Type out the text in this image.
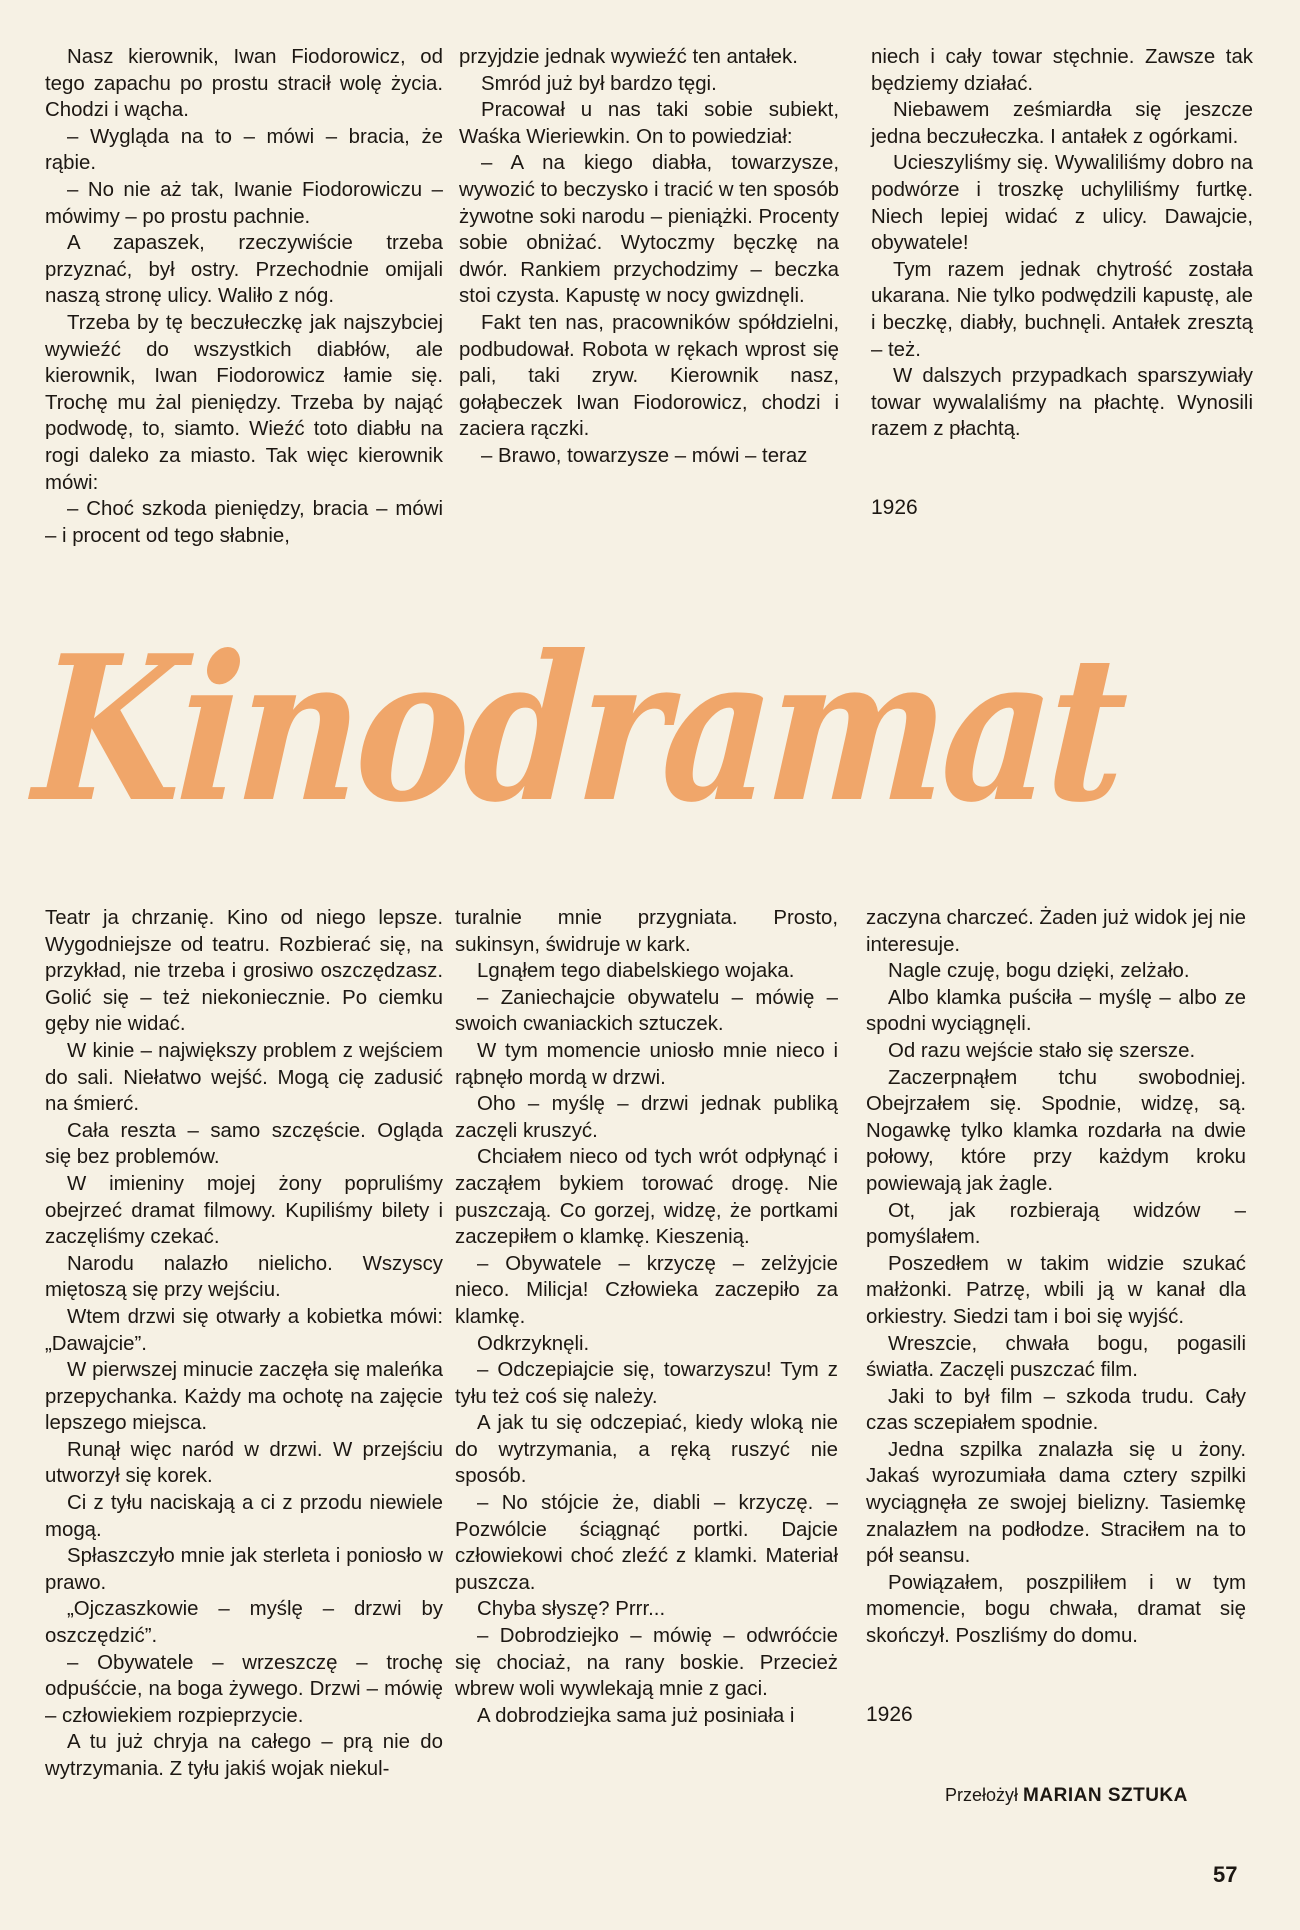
Nasz kierownik, Iwan Fiodorowicz, od tego zapachu po prostu stracił wolę życia. Chodzi i wącha.

– Wygląda na to – mówi – bracia, że rąbie.

– No nie aż tak, Iwanie Fiodorowiczu – mówimy – po prostu pachnie.

A zapaszek, rzeczywiście trzeba przyznać, był ostry. Przechodnie omijali naszą stronę ulicy. Waliło z nóg.

Trzeba by tę beczułeczkę jak najszybciej wywieźć do wszystkich diabłów, ale kierownik, Iwan Fiodorowicz łamie się. Trochę mu żal pieniędzy. Trzeba by nająć podwodę, to, siamto. Wieźć toto diabłu na rogi daleko za miasto. Tak więc kierownik mówi:

– Choć szkoda pieniędzy, bracia – mówi – i procent od tego słabnie,

przyjdzie jednak wywieźć ten antałek.

Smród już był bardzo tęgi.

Pracował u nas taki sobie subiekt, Waśka Wieriewkin. On to powiedział:

– A na kiego diabła, towarzysze, wywozić to beczysko i tracić w ten sposób żywotne soki narodu – pieniążki. Procenty sobie obniżać. Wytoczmy bęczkę na dwór. Rankiem przychodzimy – beczka stoi czysta. Kapustę w nocy gwizdnęli.

Fakt ten nas, pracowników spółdzielni, podbudował. Robota w rękach wprost się pali, taki zryw. Kierownik nasz, gołąbeczek Iwan Fiodorowicz, chodzi i zaciera rączki.

– Brawo, towarzysze – mówi – teraz

niech i cały towar stęchnie. Zawsze tak będziemy działać.

Niebawem ześmiardła się jeszcze jedna beczułeczka. I antałek z ogórkami.

Ucieszyliśmy się. Wywaliliśmy dobro na podwórze i troszkę uchyliliśmy furtkę. Niech lepiej widać z ulicy. Dawajcie, obywatele!

Tym razem jednak chytrość została ukarana. Nie tylko podwędzili kapustę, ale i beczkę, diabły, buchnęli. Antałek zresztą – też.

W dalszych przypadkach sparszywiały towar wywalaliśmy na płachtę. Wynosili razem z płachtą.

1926

Kinodramat

Teatr ja chrzanię. Kino od niego lepsze. Wygodniejsze od teatru. Rozbierać się, na przykład, nie trzeba i grosiwo oszczędzasz. Golić się – też niekoniecznie. Po ciemku gęby nie widać.

W kinie – największy problem z wejściem do sali. Niełatwo wejść. Mogą cię zadusić na śmierć.

Cała reszta – samo szczęście. Ogląda się bez problemów.

W imieniny mojej żony popruliśmy obejrzeć dramat filmowy. Kupiliśmy bilety i zaczęliśmy czekać.

Narodu nalazło nielicho. Wszyscy miętoszą się przy wejściu.

Wtem drzwi się otwarły a kobietka mówi: „Dawajcie”.

W pierwszej minucie zaczęła się maleńka przepychanka. Każdy ma ochotę na zajęcie lepszego miejsca.

Runął więc naród w drzwi. W przejściu utworzył się korek.

Ci z tyłu naciskają a ci z przodu niewiele mogą.

Spłaszczyło mnie jak sterleta i poniosło w prawo.

„Ojczaszkowie – myślę – drzwi by oszczędzić”.

– Obywatele – wrzeszczę – trochę odpuśćcie, na boga żywego. Drzwi – mówię – człowiekiem rozpieprzycie.

A tu już chryja na całego – prą nie do wytrzymania. Z tyłu jakiś wojak niekul-

turalnie mnie przygniata. Prosto, sukinsyn, świdruje w kark.

Lgnąłem tego diabelskiego wojaka.

– Zaniechajcie obywatelu – mówię – swoich cwaniackich sztuczek.

W tym momencie uniosło mnie nieco i rąbnęło mordą w drzwi.

Oho – myślę – drzwi jednak publiką zaczęli kruszyć.

Chciałem nieco od tych wrót odpłynąć i zacząłem bykiem torować drogę. Nie puszczają. Co gorzej, widzę, że portkami zaczepiłem o klamkę. Kieszenią.

– Obywatele – krzyczę – zelżyjcie nieco. Milicja! Człowieka zaczepiło za klamkę.

Odkrzyknęli.

– Odczepiajcie się, towarzyszu! Tym z tyłu też coś się należy.

A jak tu się odczepiać, kiedy wloką nie do wytrzymania, a ręką ruszyć nie sposób.

– No stójcie że, diabli – krzyczę. – Pozwólcie ściągnąć portki. Dajcie człowiekowi choć zleźć z klamki. Materiał puszcza.

Chyba słyszę? Prrr...

– Dobrodziejko – mówię – odwróćcie się chociaż, na rany boskie. Przecież wbrew woli wywlekają mnie z gaci.

A dobrodziejka sama już posiniała i

zaczyna charczeć. Żaden już widok jej nie interesuje.

Nagle czuję, bogu dzięki, zelżało.

Albo klamka puściła – myślę – albo ze spodni wyciągnęli.

Od razu wejście stało się szersze.

Zaczerpnąłem tchu swobodniej. Obejrzałem się. Spodnie, widzę, są. Nogawkę tylko klamka rozdarła na dwie połowy, które przy każdym kroku powiewają jak żagle.

Ot, jak rozbierają widzów – pomyślałem.

Poszedłem w takim widzie szukać małżonki. Patrzę, wbili ją w kanał dla orkiestry. Siedzi tam i boi się wyjść.

Wreszcie, chwała bogu, pogasili światła. Zaczęli puszczać film.

Jaki to był film – szkoda trudu. Cały czas sczepiałem spodnie.

Jedna szpilka znalazła się u żony. Jakaś wyrozumiała dama cztery szpilki wyciągnęła ze swojej bielizny. Tasiemkę znalazłem na podłodze. Straciłem na to pół seansu.

Powiązałem, poszpiliłem i w tym momencie, bogu chwała, dramat się skończył. Poszliśmy do domu.

1926

Przełożył MARIAN SZTUKA
57
